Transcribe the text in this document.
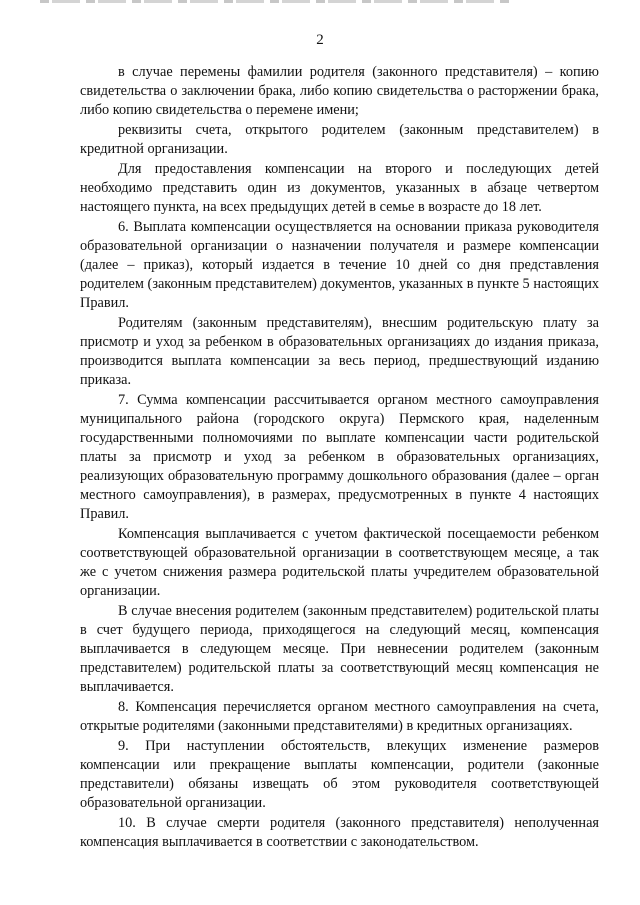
2

в случае перемены фамилии родителя (законного представителя) – копию свидетельства о заключении брака, либо копию свидетельства о расторжении брака, либо копию свидетельства о перемене имени;

реквизиты счета, открытого родителем (законным представителем) в кредитной организации.

Для предоставления компенсации на второго и последующих детей необходимо представить один из документов, указанных в абзаце четвертом настоящего пункта, на всех предыдущих детей в семье в возрасте до 18 лет.

6. Выплата компенсации осуществляется на основании приказа руководителя образовательной организации о назначении получателя и размере компенсации (далее – приказ), который издается в течение 10 дней со дня представления родителем (законным представителем) документов, указанных в пункте 5 настоящих Правил.

Родителям (законным представителям), внесшим родительскую плату за присмотр и уход за ребенком в образовательных организациях до издания приказа, производится выплата компенсации за весь период, предшествующий изданию приказа.

7. Сумма компенсации рассчитывается органом местного самоуправления муниципального района (городского округа) Пермского края, наделенным государственными полномочиями по выплате компенсации части родительской платы за присмотр и уход за ребенком в образовательных организациях, реализующих образовательную программу дошкольного образования (далее – орган местного самоуправления), в размерах, предусмотренных в пункте 4 настоящих Правил.

Компенсация выплачивается с учетом фактической посещаемости ребенком соответствующей образовательной организации в соответствующем месяце, а так же с учетом снижения размера родительской платы учредителем образовательной организации.

В случае внесения родителем (законным представителем) родительской платы в счет будущего периода, приходящегося на следующий месяц, компенсация выплачивается в следующем месяце. При невнесении родителем (законным представителем) родительской платы за соответствующий месяц компенсация не выплачивается.

8. Компенсация перечисляется органом местного самоуправления на счета, открытые родителями (законными представителями) в кредитных организациях.

9. При наступлении обстоятельств, влекущих изменение размеров компенсации или прекращение выплаты компенсации, родители (законные представители) обязаны извещать об этом руководителя соответствующей образовательной организации.

10. В случае смерти родителя (законного представителя) неполученная компенсация выплачивается в соответствии с законодательством.
